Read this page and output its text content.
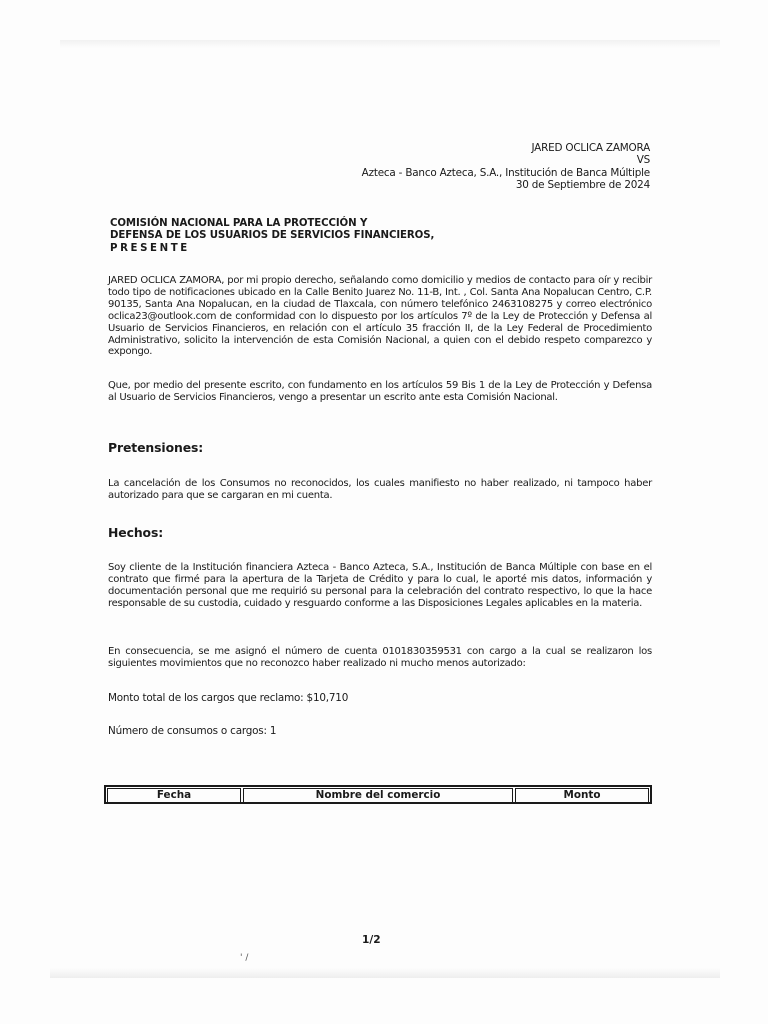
JARED OCLICA ZAMORA
VS
Azteca - Banco Azteca, S.A., Institución de Banca Múltiple
30 de Septiembre de 2024
COMISIÓN NACIONAL PARA LA PROTECCIÓN Y
DEFENSA DE LOS USUARIOS DE SERVICIOS FINANCIEROS,
PRESENTE

JARED OCLICA ZAMORA, por mi propio derecho, señalando como domicilio y medios de contacto para oír y recibir todo tipo de notificaciones ubicado en la Calle Benito Juarez No. 11-B, Int. , Col. Santa Ana Nopalucan Centro, C.P. 90135, Santa Ana Nopalucan, en la ciudad de Tlaxcala, con número telefónico 2463108275 y correo electrónico oclica23@outlook.com de conformidad con lo dispuesto por los artículos 7º de la Ley de Protección y Defensa al Usuario de Servicios Financieros, en relación con el artículo 35 fracción II, de la Ley Federal de Procedimiento Administrativo, solicito la intervención de esta Comisión Nacional, a quien con el debido respeto comparezco y expongo.

Que, por medio del presente escrito, con fundamento en los artículos 59 Bis 1 de la Ley de Protección y Defensa al Usuario de Servicios Financieros, vengo a presentar un escrito ante esta Comisión Nacional.

Pretensiones:

La cancelación de los Consumos no reconocidos, los cuales manifiesto no haber realizado, ni tampoco haber autorizado para que se cargaran en mi cuenta.

Hechos:

Soy cliente de la Institución financiera Azteca - Banco Azteca, S.A., Institución de Banca Múltiple con base en el contrato que firmé para la apertura de la Tarjeta de Crédito y para lo cual, le aporté mis datos, información y documentación personal que me requirió su personal para la celebración del contrato respectivo, lo que la hace responsable de su custodia, cuidado y resguardo conforme a las Disposiciones Legales aplicables en la materia.

En consecuencia, se me asignó el número de cuenta 0101830359531 con cargo a la cual se realizaron los siguientes movimientos que no reconozco haber realizado ni mucho menos autorizado:

Monto total de los cargos que reclamo: $10,710
Número de consumos o cargos: 1
Fecha	Nombre del comercio	Monto
1/2
' /
